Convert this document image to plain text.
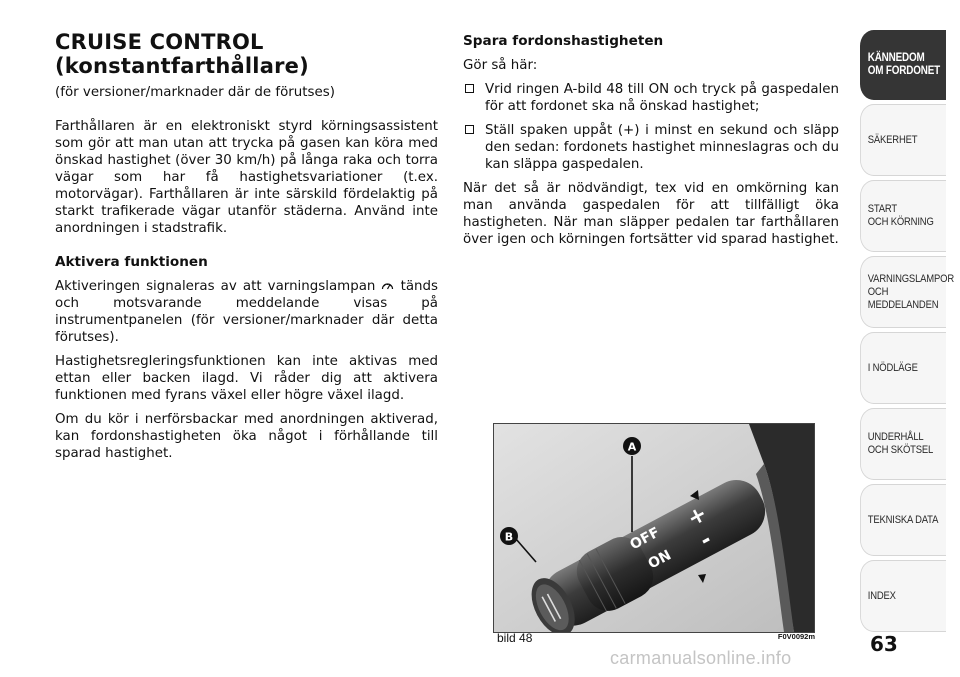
CRUISE CONTROL

(konstantfarthållare)

(för versioner/marknader där de förutses)

Farthållaren är en elektroniskt styrd körningsassistent som gör att man utan att trycka på gasen kan köra med önskad hastighet (över 30 km/h) på långa raka och torra vägar som har få hastighetsvariationer (t.ex. motorvägar). Farthållaren är inte särskild fördelaktig på starkt trafikerade vägar utanför städerna. Använd inte anordningen i stadstrafik.

Aktivera funktionen

Aktiveringen signaleras av att varningslampan tänds och motsvarande meddelande visas på instrumentpanelen (för versioner/marknader där detta förutses).

Hastighetsregleringsfunktionen kan inte aktivas med ettan eller backen ilagd. Vi råder dig att aktivera funktionen med fyrans växel eller högre växel ilagd.

Om du kör i nerförsbackar med anordningen aktiverad, kan fordonshastigheten öka något i förhållande till sparad hastighet.

Spara fordonshastigheten

Gör så här:

Vrid ringen A-bild 48 till ON och tryck på gaspedalen för att fordonet ska nå önskad hastighet;
Ställ spaken uppåt (+) i minst en sekund och släpp den sedan: fordonets hastighet minneslagras och du kan släppa gaspedalen.

När det så är nödvändigt, tex vid en omkörning kan man använda gaspedalen för att tillfälligt öka hastigheten. När man släpper pedalen tar farthållaren över igen och körningen fortsätter vid sparad hastighet.

A
B	OFF
ON
+
-
bild 48	F0V0092m
KÄNNEDOM
OM FORDONET
SÄKERHET
START
OCH KÖRNING
VARNINGSLAMPOR
OCH
MEDDELANDEN
I NÖDLÄGE
UNDERHÅLL
OCH SKÖTSEL
TEKNISKA DATA
INDEX
63
carmanualsonline.info
